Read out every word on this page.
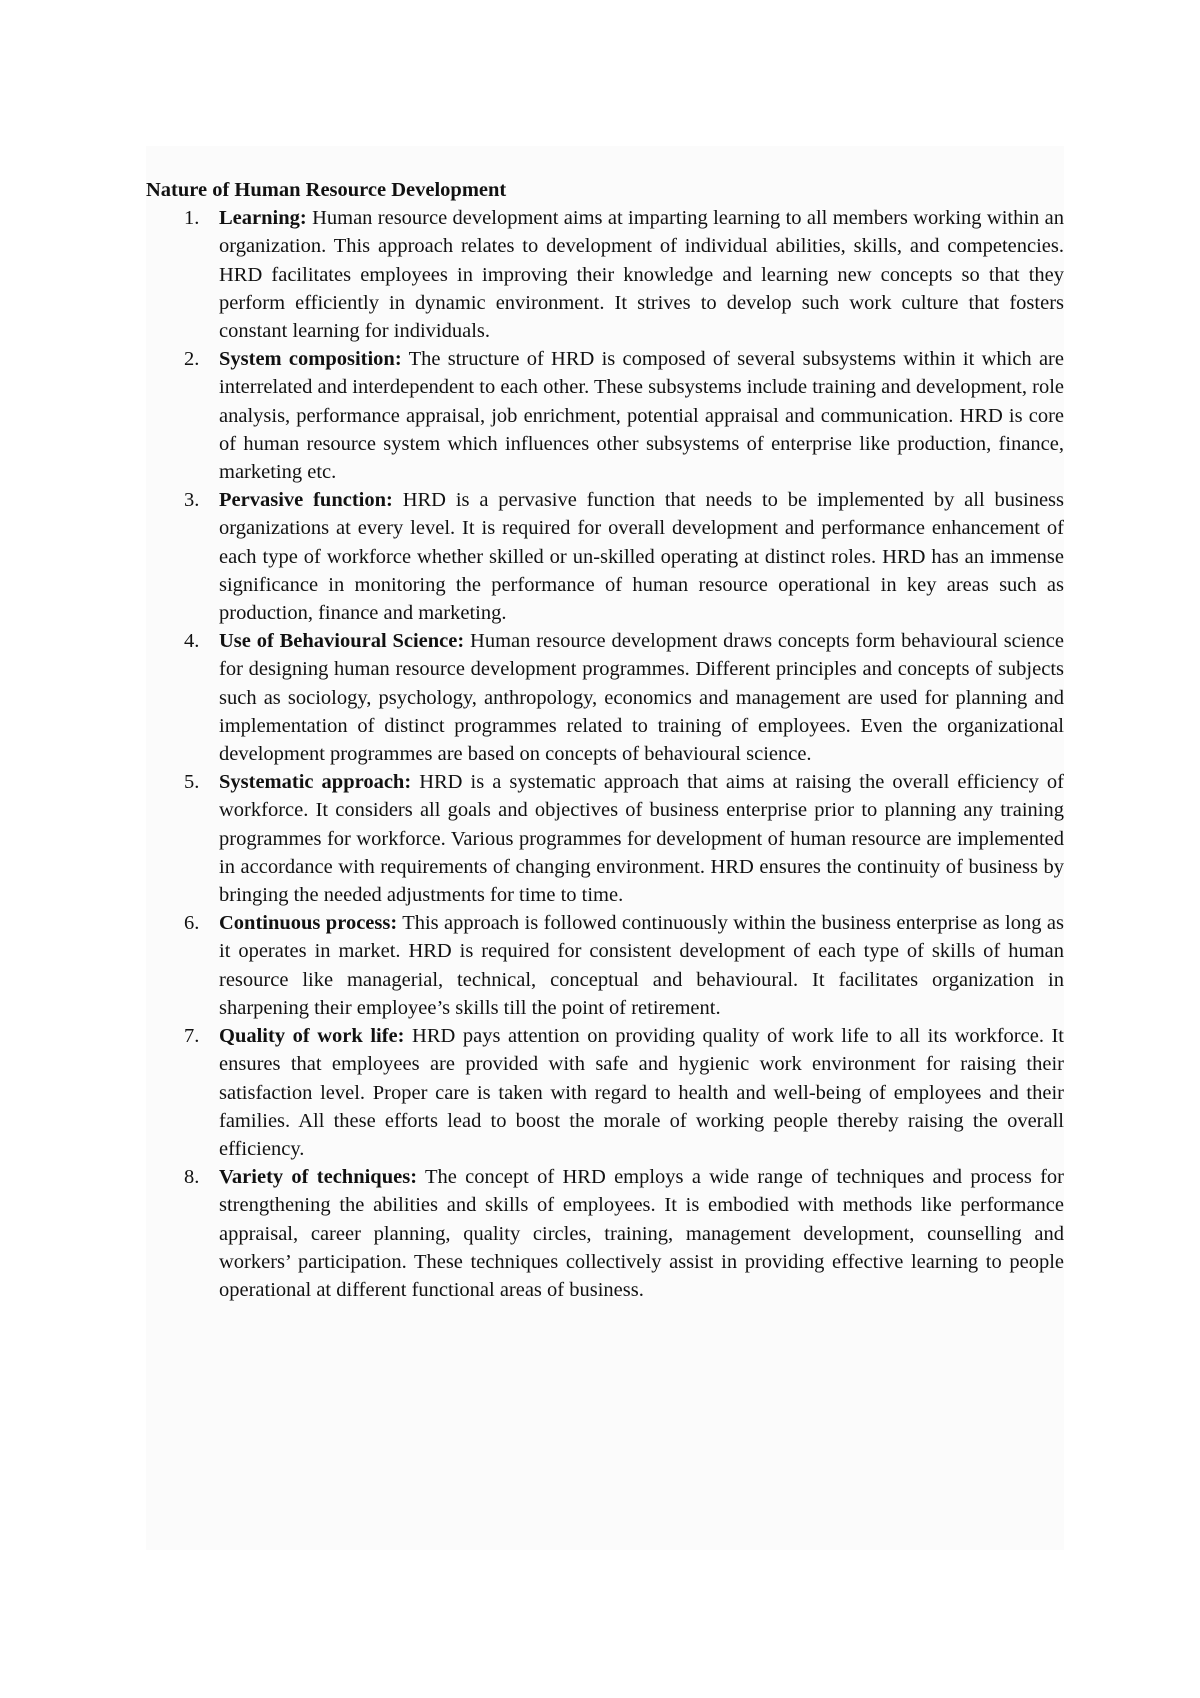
Nature of Human Resource Development

1. Learning: Human resource development aims at imparting learning to all members working within an organization. This approach relates to development of individual abilities, skills, and competencies. HRD facilitates employees in improving their knowledge and learning new concepts so that they perform efficiently in dynamic environment. It strives to develop such work culture that fosters constant learning for individuals.
2. System composition: The structure of HRD is composed of several subsystems within it which are interrelated and interdependent to each other. These subsystems include training and development, role analysis, performance appraisal, job enrichment, potential appraisal and communication. HRD is core of human resource system which influences other subsystems of enterprise like production, finance, marketing etc.
3. Pervasive function: HRD is a pervasive function that needs to be implemented by all business organizations at every level. It is required for overall development and performance enhancement of each type of workforce whether skilled or un-skilled operating at distinct roles. HRD has an immense significance in monitoring the performance of human resource operational in key areas such as production, finance and marketing.
4. Use of Behavioural Science: Human resource development draws concepts form behavioural science for designing human resource development programmes. Different principles and concepts of subjects such as sociology, psychology, anthropology, economics and management are used for planning and implementation of distinct programmes related to training of employees. Even the organizational development programmes are based on concepts of behavioural science.
5. Systematic approach: HRD is a systematic approach that aims at raising the overall efficiency of workforce. It considers all goals and objectives of business enterprise prior to planning any training programmes for workforce. Various programmes for development of human resource are implemented in accordance with requirements of changing environment. HRD ensures the continuity of business by bringing the needed adjustments for time to time.
6. Continuous process: This approach is followed continuously within the business enterprise as long as it operates in market. HRD is required for consistent development of each type of skills of human resource like managerial, technical, conceptual and behavioural. It facilitates organization in sharpening their employee’s skills till the point of retirement.
7. Quality of work life: HRD pays attention on providing quality of work life to all its workforce. It ensures that employees are provided with safe and hygienic work environment for raising their satisfaction level. Proper care is taken with regard to health and well-being of employees and their families. All these efforts lead to boost the morale of working people thereby raising the overall efficiency.
8. Variety of techniques: The concept of HRD employs a wide range of techniques and process for strengthening the abilities and skills of employees. It is embodied with methods like performance appraisal, career planning, quality circles, training, management development, counselling and workers’ participation. These techniques collectively assist in providing effective learning to people operational at different functional areas of business.
